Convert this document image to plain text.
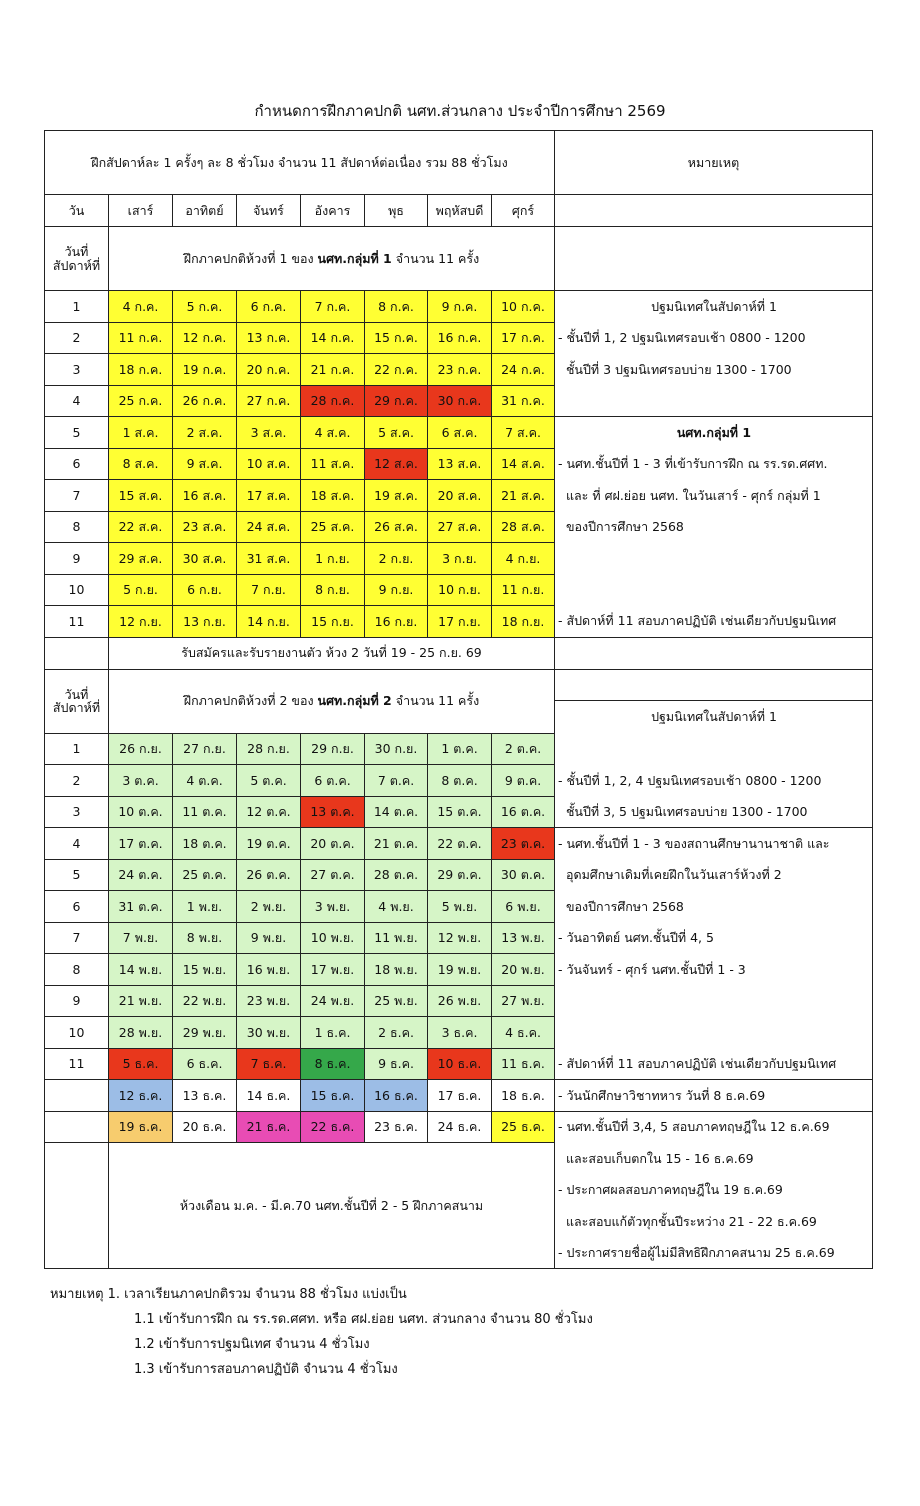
กำหนดการฝึกภาคปกติ นศท.ส่วนกลาง ประจำปีการศึกษา 2569
ฝึกสัปดาห์ละ 1 ครั้งๆ ละ 8 ชั่วโมง จำนวน 11 สัปดาห์ต่อเนื่อง รวม 88 ชั่วโมง								หมายเหตุ
วัน	เสาร์	อาทิตย์	จันทร์	อังคาร	พุธ	พฤหัสบดี	ศุกร์	

วันที่
สัปดาห์ที่	ฝึกภาคปกติห้วงที่ 1 ของ นศท.กลุ่มที่ 1 จำนวน 11 ครั้ง							
1	4 ก.ค.	5 ก.ค.	6 ก.ค.	7 ก.ค.	8 ก.ค.	9 ก.ค.	10 ก.ค.	ปฐมนิเทศในสัปดาห์ที่ 1
2	11 ก.ค.	12 ก.ค.	13 ก.ค.	14 ก.ค.	15 ก.ค.	16 ก.ค.	17 ก.ค.	- ชั้นปีที่ 1, 2 ปฐมนิเทศรอบเช้า 0800 - 1200
3	18 ก.ค.	19 ก.ค.	20 ก.ค.	21 ก.ค.	22 ก.ค.	23 ก.ค.	24 ก.ค.	ชั้นปีที่ 3 ปฐมนิเทศรอบบ่าย 1300 - 1700
4	25 ก.ค.	26 ก.ค.	27 ก.ค.	28 ก.ค.	29 ก.ค.	30 ก.ค.	31 ก.ค.	
5	1 ส.ค.	2 ส.ค.	3 ส.ค.	4 ส.ค.	5 ส.ค.	6 ส.ค.	7 ส.ค.	นศท.กลุ่มที่ 1
6	8 ส.ค.	9 ส.ค.	10 ส.ค.	11 ส.ค.	12 ส.ค.	13 ส.ค.	14 ส.ค.	- นศท.ชั้นปีที่ 1 - 3 ที่เข้ารับการฝึก ณ รร.รด.ศศท.
7	15 ส.ค.	16 ส.ค.	17 ส.ค.	18 ส.ค.	19 ส.ค.	20 ส.ค.	21 ส.ค.	และ ที่ ศฝ.ย่อย นศท. ในวันเสาร์ - ศุกร์ กลุ่มที่ 1
8	22 ส.ค.	23 ส.ค.	24 ส.ค.	25 ส.ค.	26 ส.ค.	27 ส.ค.	28 ส.ค.	ของปีการศึกษา 2568
9	29 ส.ค.	30 ส.ค.	31 ส.ค.	1 ก.ย.	2 ก.ย.	3 ก.ย.	4 ก.ย.	
10	5 ก.ย.	6 ก.ย.	7 ก.ย.	8 ก.ย.	9 ก.ย.	10 ก.ย.	11 ก.ย.	
11	12 ก.ย.	13 ก.ย.	14 ก.ย.	15 ก.ย.	16 ก.ย.	17 ก.ย.	18 ก.ย.	- สัปดาห์ที่ 11 สอบภาคปฏิบัติ เช่นเดียวกับปฐมนิเทศ
	รับสมัครและรับรายงานตัว ห้วง 2 วันที่ 19 - 25 ก.ย. 69							

วันที่
สัปดาห์ที่	ฝึกภาคปกติห้วงที่ 2 ของ นศท.กลุ่มที่ 2 จำนวน 11 ครั้ง							
								ปฐมนิเทศในสัปดาห์ที่ 1
1	26 ก.ย.	27 ก.ย.	28 ก.ย.	29 ก.ย.	30 ก.ย.	1 ต.ค.	2 ต.ค.	
2	3 ต.ค.	4 ต.ค.	5 ต.ค.	6 ต.ค.	7 ต.ค.	8 ต.ค.	9 ต.ค.	- ชั้นปีที่ 1, 2, 4 ปฐมนิเทศรอบเช้า 0800 - 1200
3	10 ต.ค.	11 ต.ค.	12 ต.ค.	13 ต.ค.	14 ต.ค.	15 ต.ค.	16 ต.ค.	ชั้นปีที่ 3, 5 ปฐมนิเทศรอบบ่าย 1300 - 1700
4	17 ต.ค.	18 ต.ค.	19 ต.ค.	20 ต.ค.	21 ต.ค.	22 ต.ค.	23 ต.ค.	- นศท.ชั้นปีที่ 1 - 3 ของสถานศึกษานานาชาติ และ
5	24 ต.ค.	25 ต.ค.	26 ต.ค.	27 ต.ค.	28 ต.ค.	29 ต.ค.	30 ต.ค.	อุดมศึกษาเดิมที่เคยฝึกในวันเสาร์ห้วงที่ 2
6	31 ต.ค.	1 พ.ย.	2 พ.ย.	3 พ.ย.	4 พ.ย.	5 พ.ย.	6 พ.ย.	ของปีการศึกษา 2568
7	7 พ.ย.	8 พ.ย.	9 พ.ย.	10 พ.ย.	11 พ.ย.	12 พ.ย.	13 พ.ย.	- วันอาทิตย์ นศท.ชั้นปีที่ 4, 5
8	14 พ.ย.	15 พ.ย.	16 พ.ย.	17 พ.ย.	18 พ.ย.	19 พ.ย.	20 พ.ย.	- วันจันทร์ - ศุกร์ นศท.ชั้นปีที่ 1 - 3
9	21 พ.ย.	22 พ.ย.	23 พ.ย.	24 พ.ย.	25 พ.ย.	26 พ.ย.	27 พ.ย.	
10	28 พ.ย.	29 พ.ย.	30 พ.ย.	1 ธ.ค.	2 ธ.ค.	3 ธ.ค.	4 ธ.ค.	
11	5 ธ.ค.	6 ธ.ค.	7 ธ.ค.	8 ธ.ค.	9 ธ.ค.	10 ธ.ค.	11 ธ.ค.	- สัปดาห์ที่ 11 สอบภาคปฏิบัติ เช่นเดียวกับปฐมนิเทศ
	12 ธ.ค.	13 ธ.ค.	14 ธ.ค.	15 ธ.ค.	16 ธ.ค.	17 ธ.ค.	18 ธ.ค.	- วันนักศึกษาวิชาทหาร วันที่ 8 ธ.ค.69
	19 ธ.ค.	20 ธ.ค.	21 ธ.ค.	22 ธ.ค.	23 ธ.ค.	24 ธ.ค.	25 ธ.ค.	- นศท.ชั้นปีที่ 3,4, 5 สอบภาคทฤษฎีใน 12 ธ.ค.69
	ห้วงเดือน ม.ค. - มี.ค.70 นศท.ชั้นปีที่ 2 - 5 ฝึกภาคสนาม							และสอบเก็บตกใน 15 - 16 ธ.ค.69
								- ประกาศผลสอบภาคทฤษฎีใน 19 ธ.ค.69
								และสอบแก้ตัวทุกชั้นปีระหว่าง 21 - 22 ธ.ค.69
								- ประกาศรายชื่อผู้ไม่มีสิทธิฝึกภาคสนาม 25 ธ.ค.69
หมายเหตุ 1. เวลาเรียนภาคปกติรวม จำนวน 88 ชั่วโมง แบ่งเป็น
1.1 เข้ารับการฝึก ณ รร.รด.ศศท. หรือ ศฝ.ย่อย นศท. ส่วนกลาง จำนวน 80 ชั่วโมง
1.2 เข้ารับการปฐมนิเทศ จำนวน 4 ชั่วโมง
1.3 เข้ารับการสอบภาคปฏิบัติ จำนวน 4 ชั่วโมง
